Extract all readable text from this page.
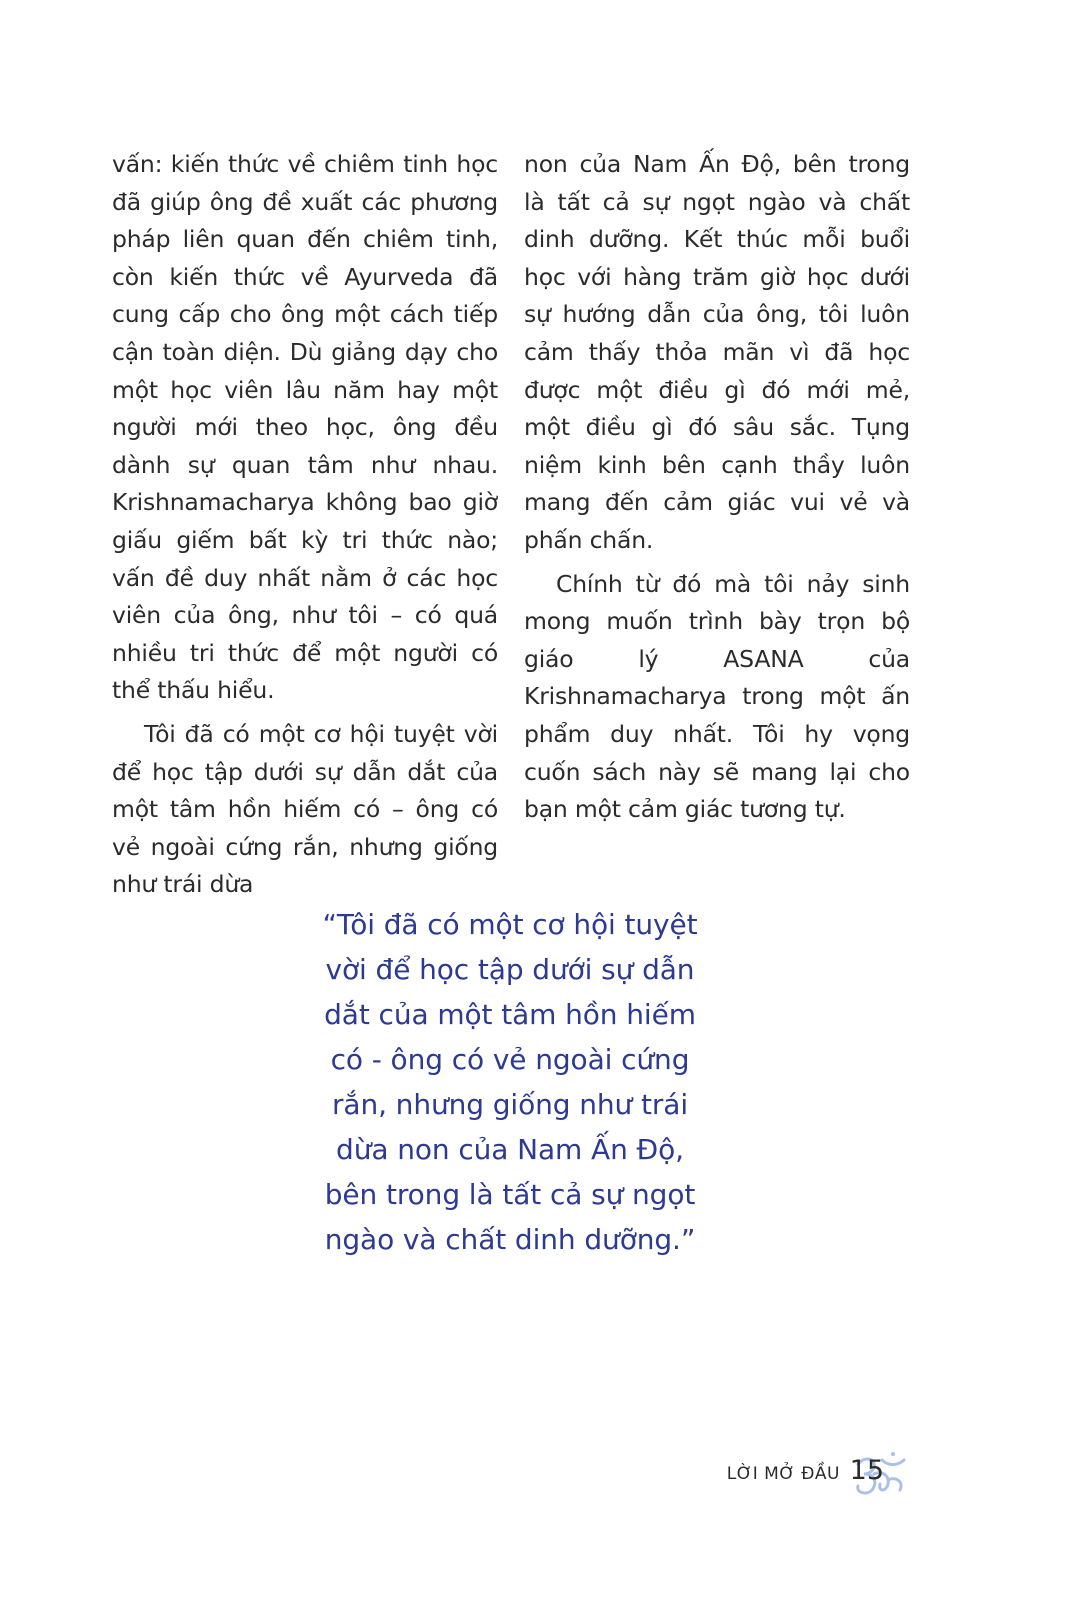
vấn: kiến thức về chiêm tinh học đã giúp ông đề xuất các phương pháp liên quan đến chiêm tinh, còn kiến thức về Ayurveda đã cung cấp cho ông một cách tiếp cận toàn diện. Dù giảng dạy cho một học viên lâu năm hay một người mới theo học, ông đều dành sự quan tâm như nhau. Krishnamacharya không bao giờ giấu giếm bất kỳ tri thức nào; vấn đề duy nhất nằm ở các học viên của ông, như tôi – có quá nhiều tri thức để một người có thể thấu hiểu.

Tôi đã có một cơ hội tuyệt vời để học tập dưới sự dẫn dắt của một tâm hồn hiếm có – ông có vẻ ngoài cứng rắn, nhưng giống như trái dừa

non của Nam Ấn Độ, bên trong là tất cả sự ngọt ngào và chất dinh dưỡng. Kết thúc mỗi buổi học với hàng trăm giờ học dưới sự hướng dẫn của ông, tôi luôn cảm thấy thỏa mãn vì đã học được một điều gì đó mới mẻ, một điều gì đó sâu sắc. Tụng niệm kinh bên cạnh thầy luôn mang đến cảm giác vui vẻ và phấn chấn.

Chính từ đó mà tôi nảy sinh mong muốn trình bày trọn bộ giáo lý ASANA của Krishnamacharya trong một ấn phẩm duy nhất. Tôi hy vọng cuốn sách này sẽ mang lại cho bạn một cảm giác tương tự.

“Tôi đã có một cơ hội tuyệt
vời để học tập dưới sự dẫn
dắt của một tâm hồn hiếm
có - ông có vẻ ngoài cứng
rắn, nhưng giống như trái
dừa non của Nam Ấn Độ,
bên trong là tất cả sự ngọt
ngào và chất dinh dưỡng.”
LỜI MỞ ĐẦU 15
